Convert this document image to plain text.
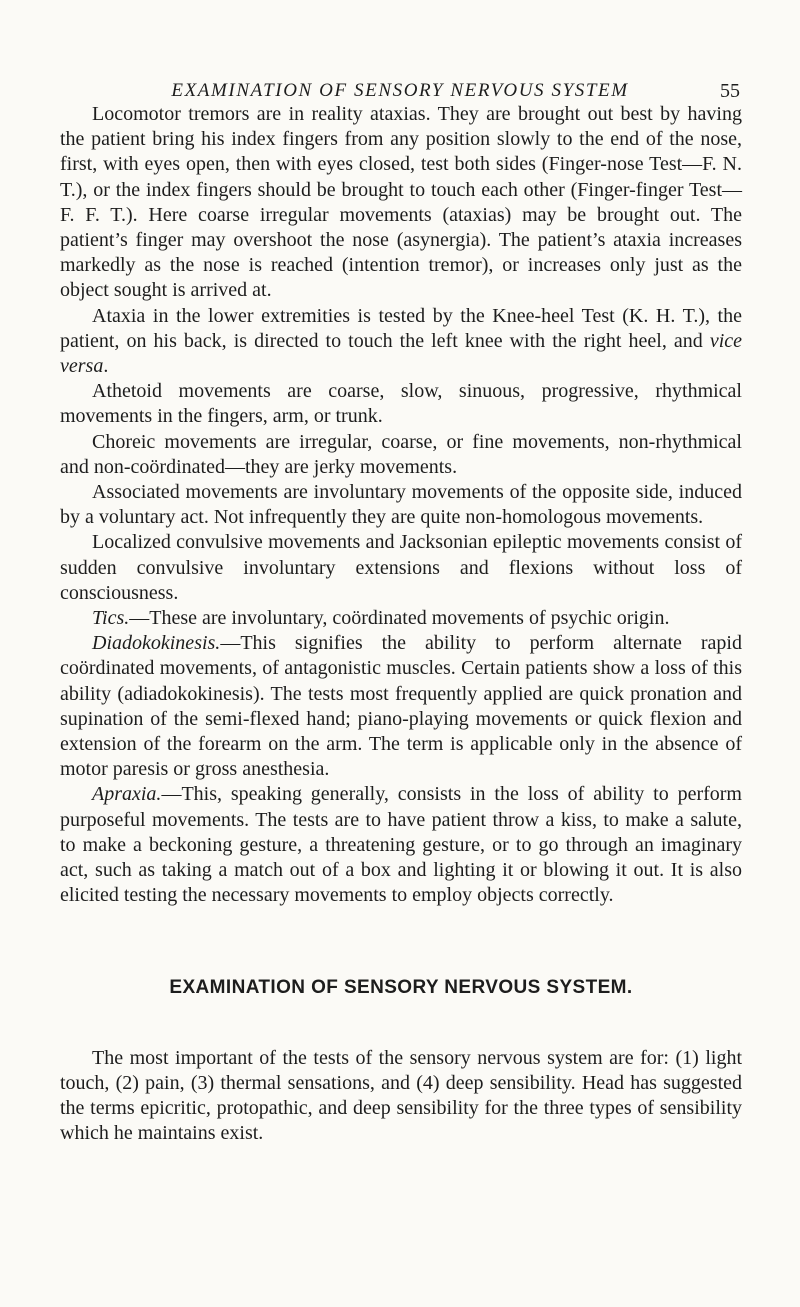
EXAMINATION OF SENSORY NERVOUS SYSTEM	55

Locomotor tremors are in reality ataxias. They are brought out best by having the patient bring his index fingers from any position slowly to the end of the nose, first, with eyes open, then with eyes closed, test both sides (Finger-nose Test—F. N. T.), or the index fingers should be brought to touch each other (Finger-finger Test—F. F. T.). Here coarse irregular movements (ataxias) may be brought out. The patient’s finger may overshoot the nose (asynergia). The patient’s ataxia increases markedly as the nose is reached (intention tremor), or increases only just as the object sought is arrived at.

Ataxia in the lower extremities is tested by the Knee-heel Test (K. H. T.), the patient, on his back, is directed to touch the left knee with the right heel, and vice versa.

Athetoid movements are coarse, slow, sinuous, progressive, rhythmical movements in the fingers, arm, or trunk.

Choreic movements are irregular, coarse, or fine movements, non-rhythmical and non-coördinated—they are jerky movements.

Associated movements are involuntary movements of the opposite side, induced by a voluntary act. Not infrequently they are quite non-homologous movements.

Localized convulsive movements and Jacksonian epileptic movements consist of sudden convulsive involuntary extensions and flexions without loss of consciousness.

Tics.—These are involuntary, coördinated movements of psychic origin.

Diadokokinesis.—This signifies the ability to perform alternate rapid coördinated movements, of antagonistic muscles. Certain patients show a loss of this ability (adiadokokinesis). The tests most frequently applied are quick pronation and supination of the semi-flexed hand; piano-playing movements or quick flexion and extension of the forearm on the arm. The term is applicable only in the absence of motor paresis or gross anesthesia.

Apraxia.—This, speaking generally, consists in the loss of ability to perform purposeful movements. The tests are to have patient throw a kiss, to make a salute, to make a beckoning gesture, a threatening gesture, or to go through an imaginary act, such as taking a match out of a box and lighting it or blowing it out. It is also elicited testing the necessary movements to employ objects correctly.

EXAMINATION OF SENSORY NERVOUS SYSTEM.

The most important of the tests of the sensory nervous system are for: (1) light touch, (2) pain, (3) thermal sensations, and (4) deep sensibility. Head has suggested the terms epicritic, protopathic, and deep sensibility for the three types of sensibility which he maintains exist.
